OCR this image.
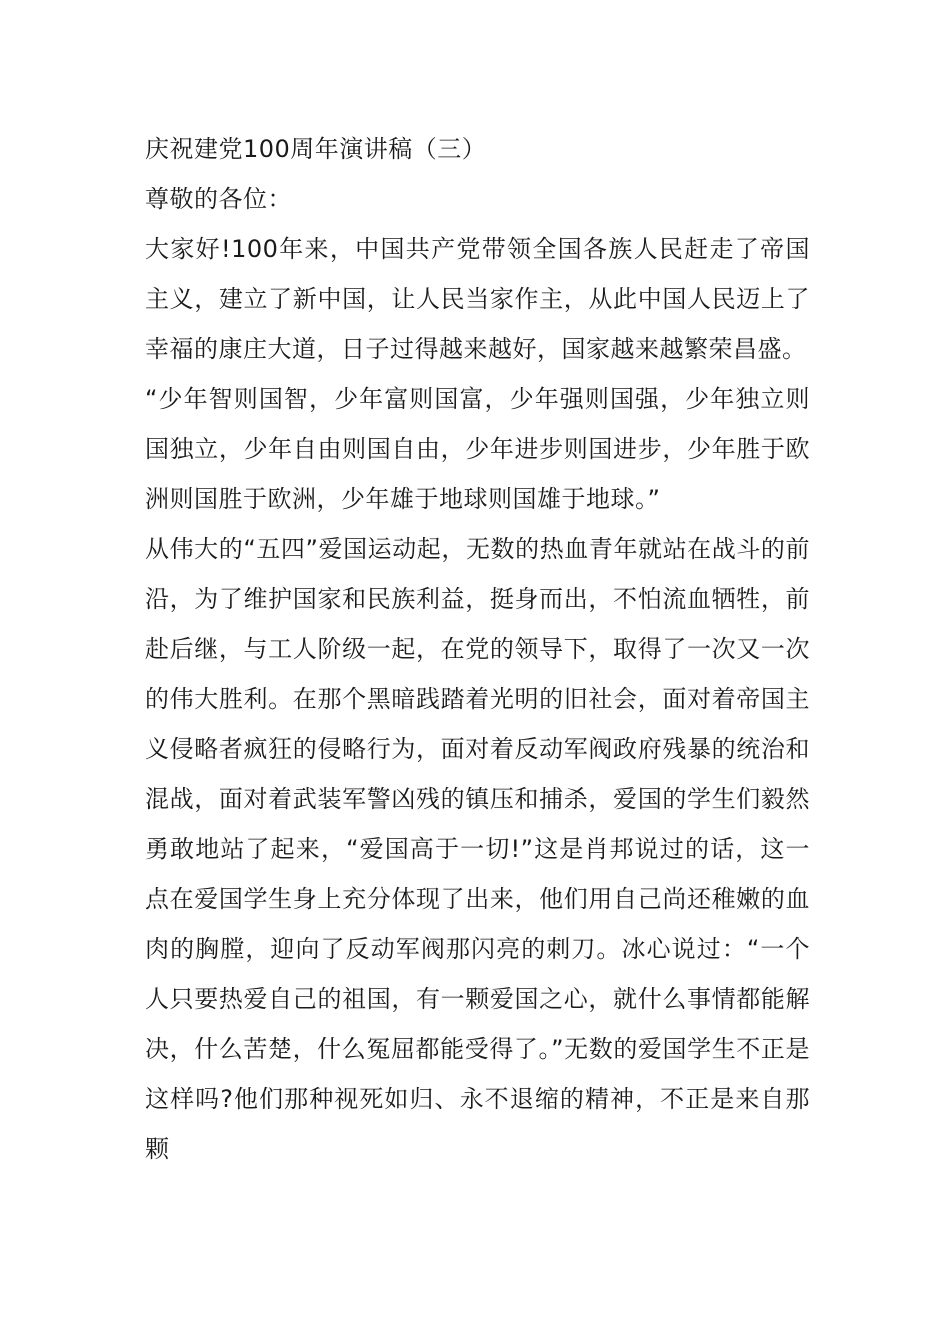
庆祝建党100周年演讲稿（三）

尊敬的各位：

大家好!100年来，中国共产党带领全国各族人民赶走了帝国主义，建立了新中国，让人民当家作主，从此中国人民迈上了幸福的康庄大道，日子过得越来越好，国家越来越繁荣昌盛。

“少年智则国智，少年富则国富，少年强则国强，少年独立则国独立，少年自由则国自由，少年进步则国进步，少年胜于欧洲则国胜于欧洲，少年雄于地球则国雄于地球。”

从伟大的“五四”爱国运动起，无数的热血青年就站在战斗的前沿，为了维护国家和民族利益，挺身而出，不怕流血牺牲，前赴后继，与工人阶级一起，在党的领导下，取得了一次又一次的伟大胜利。在那个黑暗践踏着光明的旧社会，面对着帝国主义侵略者疯狂的侵略行为，面对着反动军阀政府残暴的统治和混战，面对着武装军警凶残的镇压和捕杀，爱国的学生们毅然勇敢地站了起来，“爱国高于一切!”这是肖邦说过的话，这一点在爱国学生身上充分体现了出来，他们用自己尚还稚嫩的血肉的胸膛，迎向了反动军阀那闪亮的刺刀。冰心说过：“一个人只要热爱自己的祖国，有一颗爱国之心，就什么事情都能解决，什么苦楚，什么冤屈都能受得了。”无数的爱国学生不正是这样吗?他们那种视死如归、永不退缩的精神，不正是来自那颗
